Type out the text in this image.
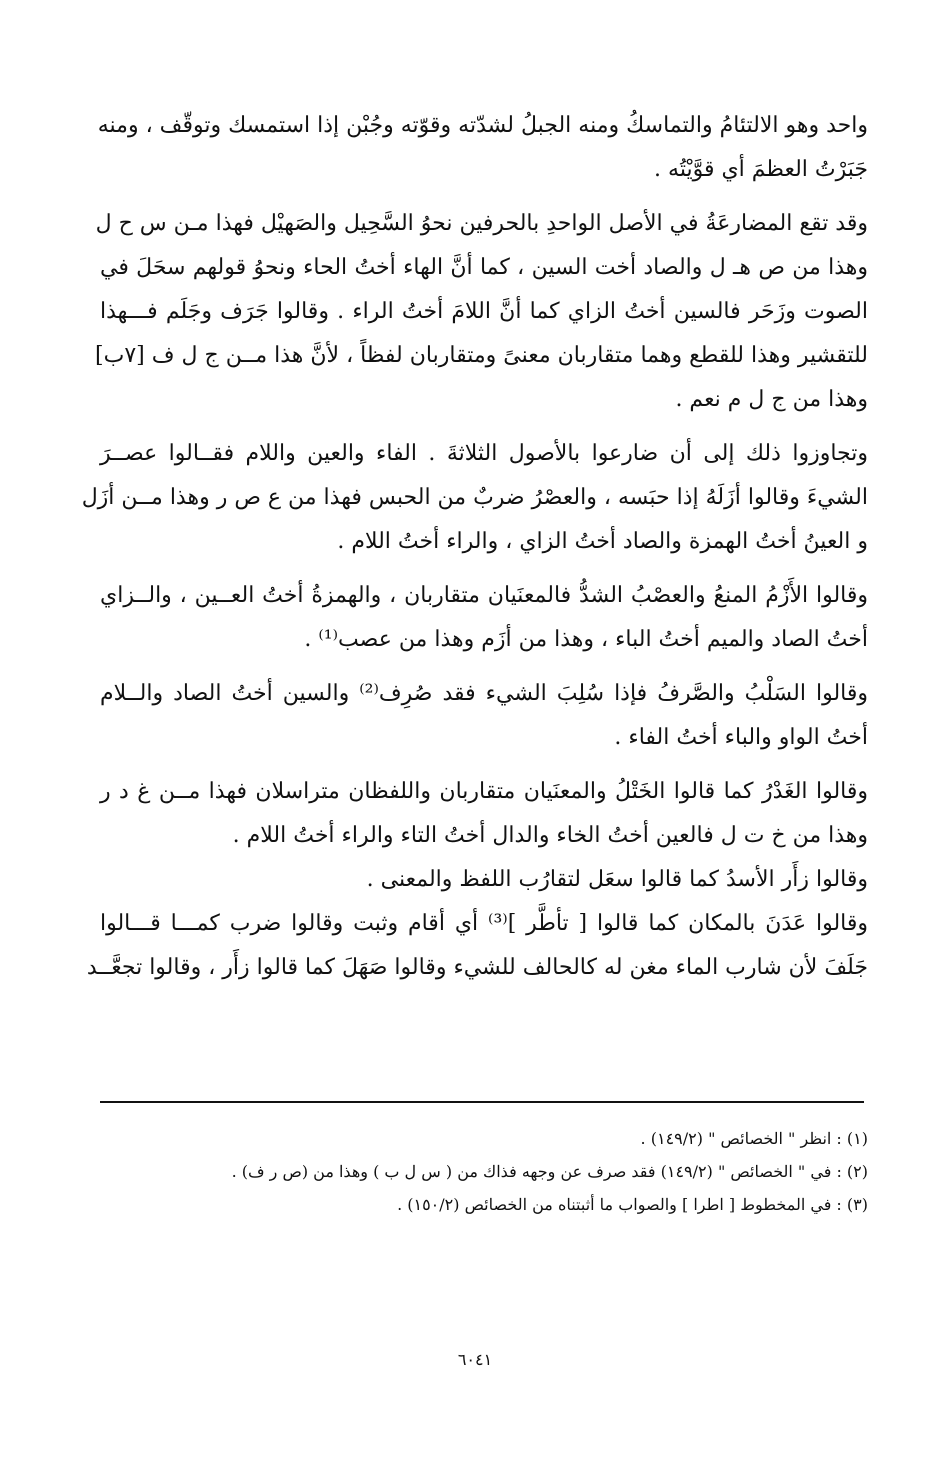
واحد وهو الالتئامُ والتماسكُ ومنه الجبلُ لشدّته وقوّته وجُبْن إذا استمسك وتوقّف ، ومنه
جَبَرْتُ العظمَ أي قوَّيْتُه .
وقد تقع المضارعَةُ في الأصل الواحدِ بالحرفين نحوُ السَّحِيل والصَهيْل فهذا مـن س ح ل
وهذا من ص هـ ل والصاد أخت السين ، كما أنَّ الهاء أختُ الحاء ونحوُ قولهم سحَلَ في
الصوت وزَحَر فالسين أختُ الزاي كما أنَّ اللامَ أختُ الراء . وقالوا جَرَف وجَلَم فـــهذا
للتقشير وهذا للقطع وهما متقاربان معنىً ومتقاربان لفظاً ، لأنَّ هذا مــن ج ل ف [٧ب]
وهذا من ج ل م نعم .
وتجاوزوا ذلك إلى أن ضارعوا بالأصول الثلاثةَ . الفاء والعين واللام فقــالوا عصــرَ
الشيءَ وقالوا أزَلَهُ إذا حبَسه ، والعصْرُ ضربٌ من الحبس فهذا من ع ص ر وهذا مــن أزَل
و العينُ أختُ الهمزة والصاد أختُ الزاي ، والراء أختُ اللام .
وقالوا الأَزْمُ المنعُ والعصْبُ الشدُّ فالمعنَيان متقاربان ، والهمزةُ أختُ العــين ، والــزاي
أختُ الصاد والميم أختُ الباء ، وهذا من أزَم وهذا من عصب⁽¹⁾ .
وقالوا السَلْبُ والصَّرفُ فإذا سُلِبَ الشيء فقد صُرِف⁽²⁾ والسين أختُ الصاد والــلام
أختُ الواو والباء أختُ الفاء .
وقالوا الغَدْرُ كما قالوا الخَتْلُ والمعنَيان متقاربان واللفظان متراسلان فهذا مــن غ د ر
وهذا من خ ت ل فالعين أختُ الخاء والدال أختُ التاء والراء أختُ اللام .
وقالوا زأَر الأسدُ كما قالوا سعَل لتقارُب اللفظ والمعنى .
وقالوا عَدَنَ بالمكان كما قالوا [ تأطَّر ]⁽³⁾ أي أقام وثبت وقالوا ضرب كمـــا قـــالوا
جَلَفَ لأن شارب الماء مغن له كالحالف للشيء وقالوا صَهَلَ كما قالوا زأَر ، وقالوا تجعَّــد
(١) : انظر " الخصائص " (١٤٩/٢) .
(٢) : في " الخصائص " (١٤٩/٢) فقد صرف عن وجهه فذاك من ( س ل ب ) وهذا من (ص ر ف) .
(٣) : في المخطوط [ اطرا ] والصواب ما أثبتناه من الخصائص (١٥٠/٢) .
٦٠٤١
